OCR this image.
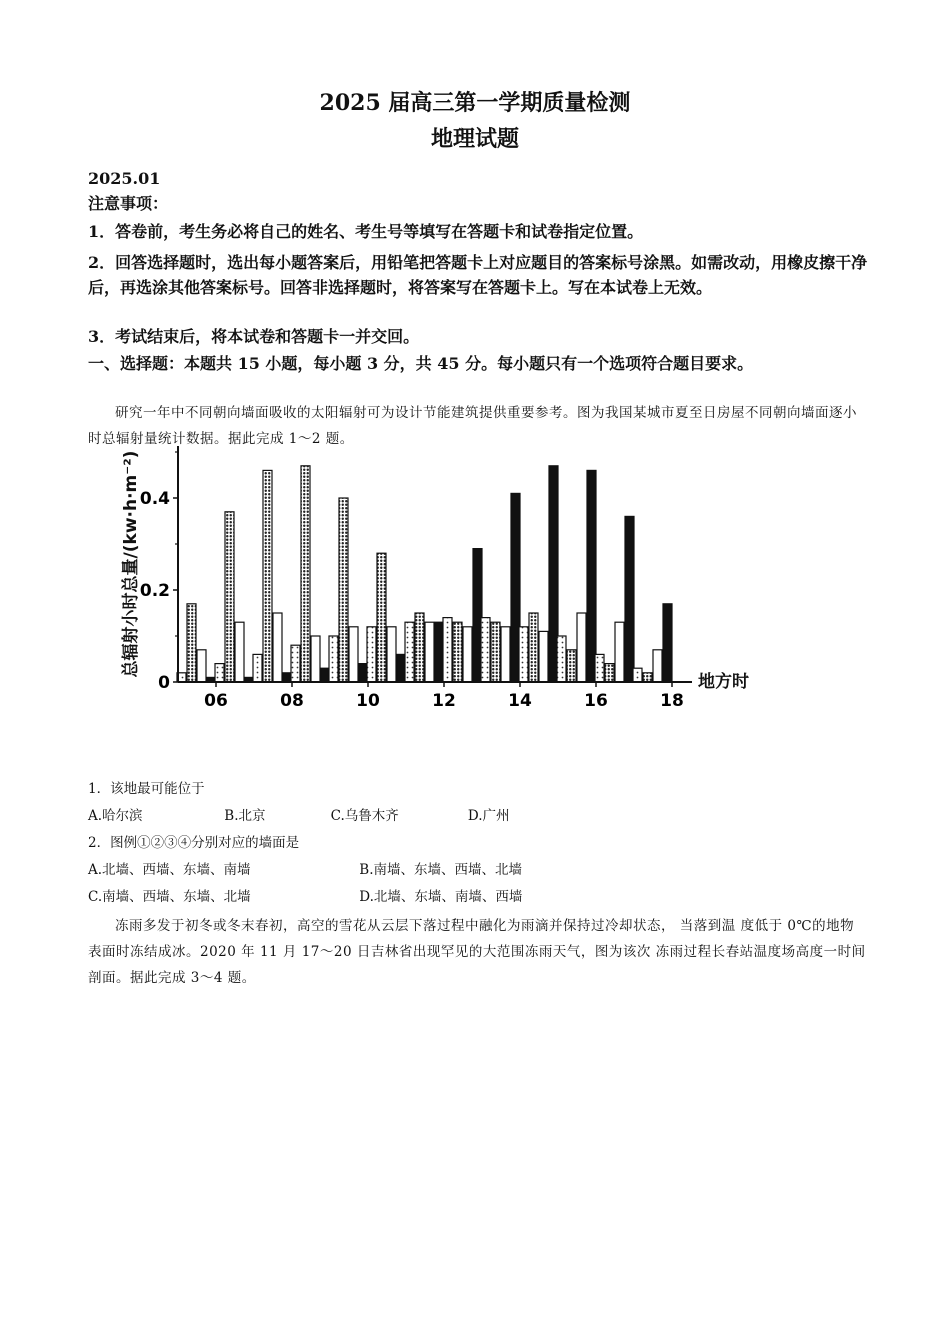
2025 届高三第一学期质量检测
地理试题
2025.01
注意事项：
1．答卷前，考生务必将自己的姓名、考生号等填写在答题卡和试卷指定位置。
2．回答选择题时，选出每小题答案后，用铅笔把答题卡上对应题目的答案标号涂黑。如需改动，用橡皮擦干净后，再选涂其他答案标号。回答非选择题时，将答案写在答题卡上。写在本试卷上无效。
3．考试结束后，将本试卷和答题卡一并交回。
一、选择题：本题共 15 小题，每小题 3 分，共 45 分。每小题只有一个选项符合题目要求。
研究一年中不同朝向墙面吸收的太阳辐射可为设计节能建筑提供重要参考。图为我国某城市夏至日房屋不同朝向墙面逐小时总辐射量统计数据。据此完成 1～2 题。
0
0.2
0.4
06	08	10	12	14	16	18
总辐射小时总量/(kw·h·m⁻²)
地方时
1．该地最可能位于
A.哈尔滨	B.北京	C.乌鲁木齐	D.广州
2．图例①②③④分别对应的墙面是
A.北墙、西墙、东墙、南墙	B.南墙、东墙、西墙、北墙
C.南墙、西墙、东墙、北墙	D.北墙、东墙、南墙、西墙
冻雨多发于初冬或冬末春初，高空的雪花从云层下落过程中融化为雨滴并保持过冷却状态， 当落到温 度低于 0℃的地物表面时冻结成冰。2020 年 11 月 17～20 日吉林省出现罕见的大范围冻雨天气，图为该次 冻雨过程长春站温度场高度一时间剖面。据此完成 3～4 题。
